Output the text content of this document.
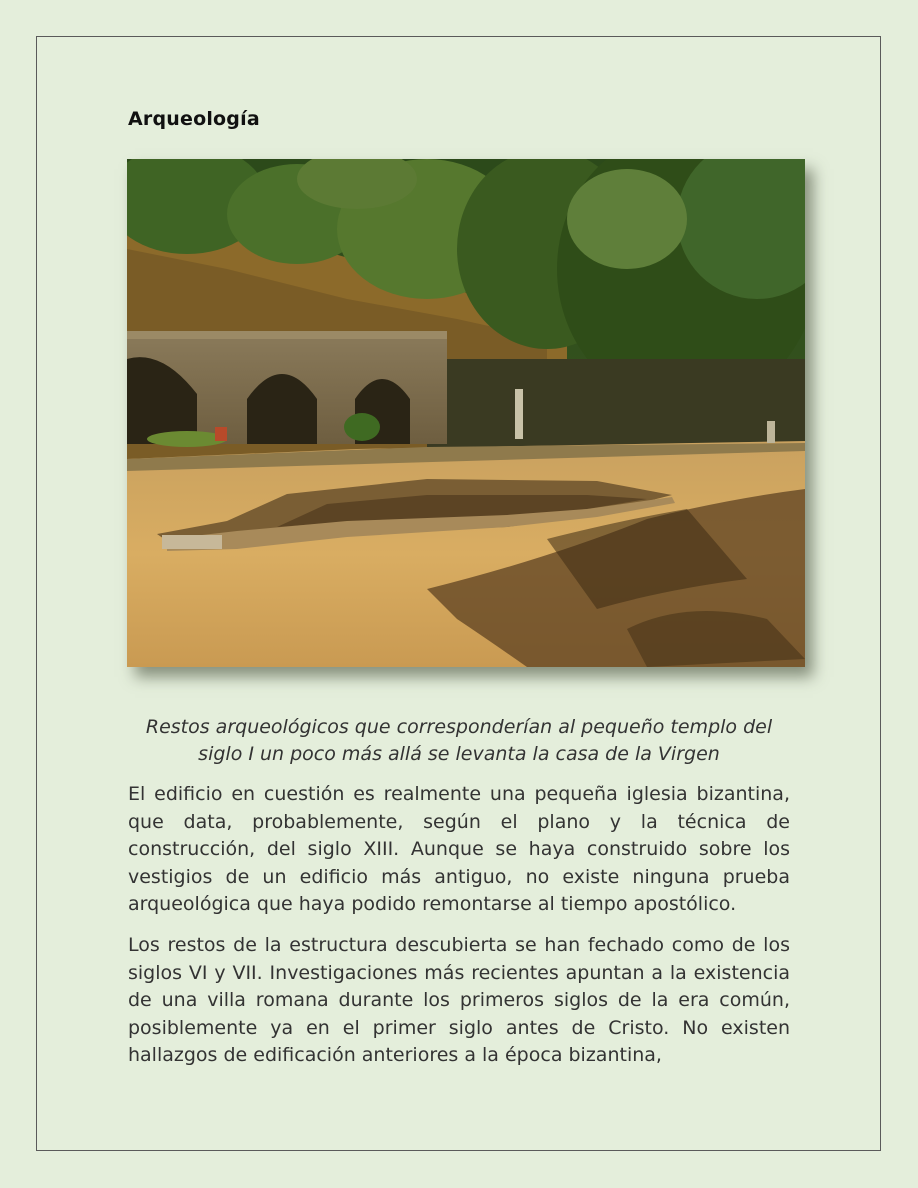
Arqueología
Restos arqueológicos que corresponderían al pequeño templo del siglo I un poco más allá se levanta la casa de la Virgen
El edificio en cuestión es realmente una pequeña iglesia bizantina, que data, probablemente, según el plano y la técnica de construcción, del siglo XIII. Aunque se haya construido sobre los vestigios de un edificio más antiguo, no existe ninguna prueba arqueológica que haya podido remontarse al tiempo apostólico.
Los restos de la estructura descubierta se han fechado como de los siglos VI y VII. Investigaciones más recientes apuntan a la existencia de una villa romana durante los primeros siglos de la era común, posiblemente ya en el primer siglo antes de Cristo. No existen hallazgos de edificación anteriores a la época bizantina,
